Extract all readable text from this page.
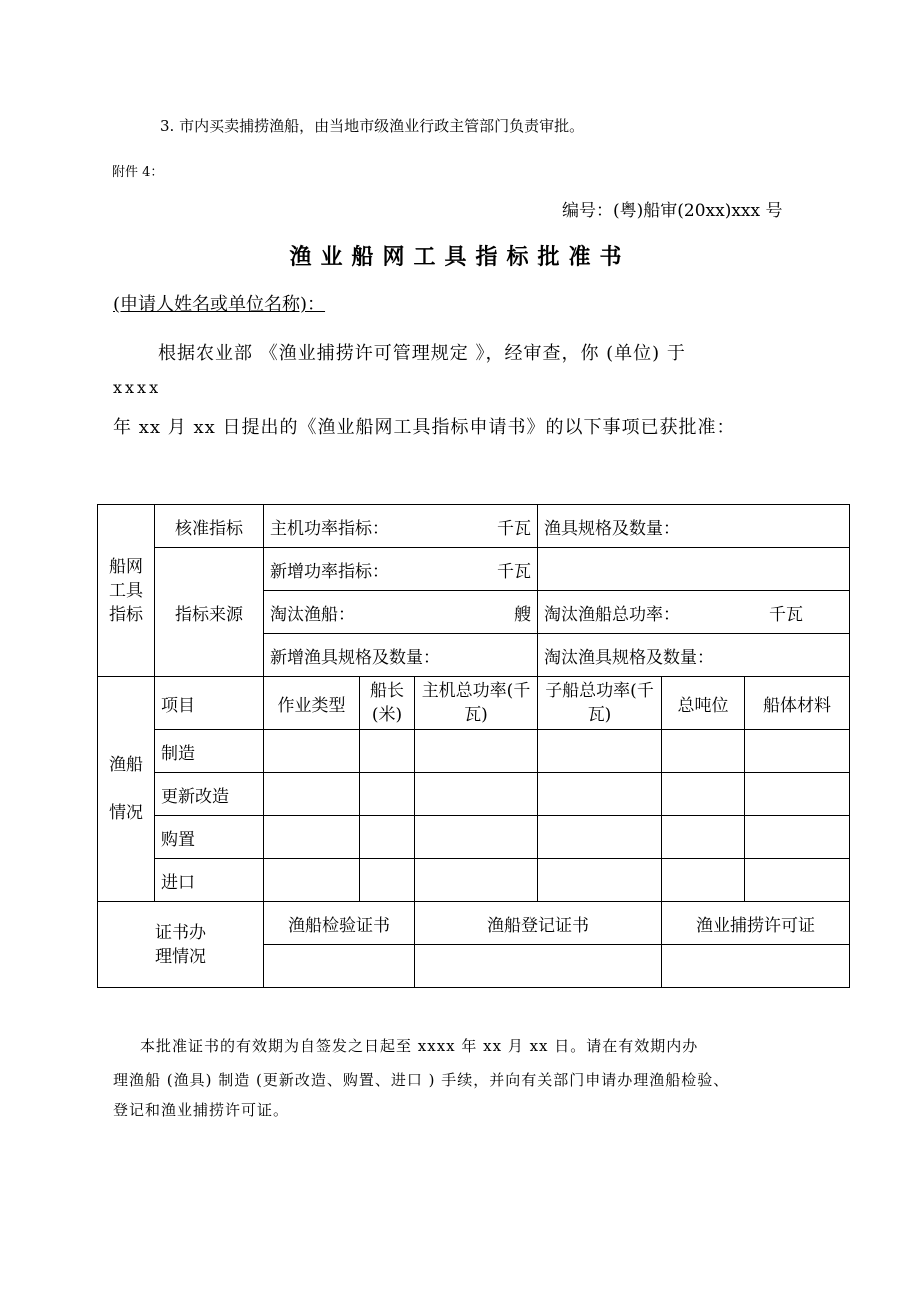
3. 市内买卖捕捞渔船，由当地市级渔业行政主管部门负责审批。
附件 4：
编号：(粤)船审(20xx)xxx 号
渔业船网工具指标批准书
(申请人姓名或单位名称)：
根据农业部 《渔业捕捞许可管理规定 》，经审查，你 (单位) 于
xxxx
年 xx 月 xx 日提出的《渔业船网工具指标申请书》的以下事项已获批准：
船网工具指标	核准指标	主机功率指标： 千瓦			渔具规格及数量：		
	指标来源	新增功率指标： 千瓦					

		淘汰渔船： 艘			淘汰渔船总功率： 千瓦		

		新增渔具规格及数量：			淘汰渔具规格及数量：		
渔船情况	项目	作业类型	船长(米)	主机总功率(千瓦)	子船总功率(千瓦)	总吨位	船体材料
	制造						
	更新改造						
	购置						
	进口						
证书办理情况		渔船检验证书		渔船登记证书		渔业捕捞许可证	

本批准证书的有效期为自签发之日起至 xxxx 年 xx 月 xx 日。请在有效期内办
理渔船 (渔具) 制造 (更新改造、购置、进口 ) 手续，并向有关部门申请办理渔船检验、
登记和渔业捕捞许可证。
